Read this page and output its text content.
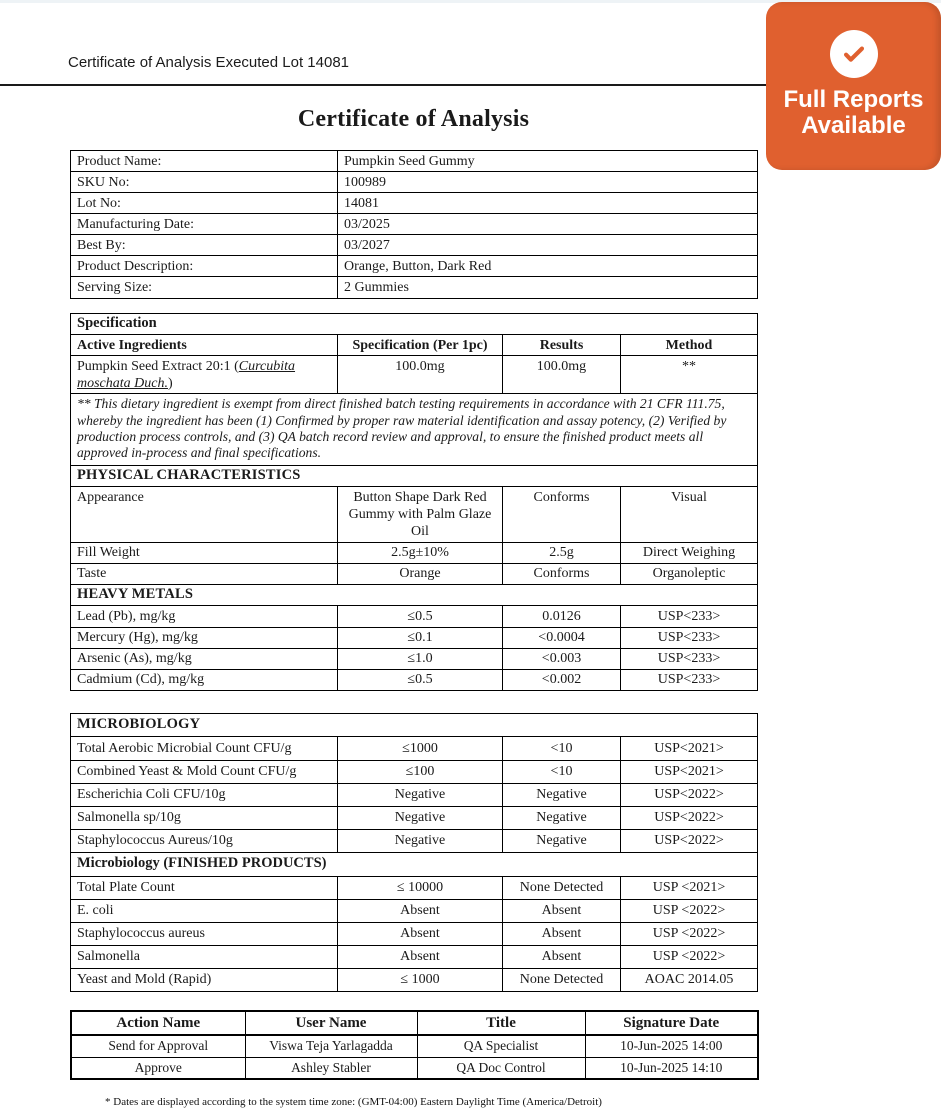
Certificate of Analysis Executed Lot 14081
Full Reports
Available
Certificate of Analysis
Product Name:	Pumpkin Seed Gummy
SKU No:	100989
Lot No:	14081
Manufacturing Date:	03/2025
Best By:	03/2027
Product Description:	Orange, Button, Dark Red
Serving Size:	2 Gummies
Specification			
Active Ingredients	Specification (Per 1pc)	Results	Method
Pumpkin Seed Extract 20:1 (Curcubita moschata Duch.)	100.0mg	100.0mg	**
** This dietary ingredient is exempt from direct finished batch testing requirements in accordance with 21 CFR 111.75, whereby the ingredient has been (1) Confirmed by proper raw material identification and assay potency, (2) Verified by production process controls, and (3) QA batch record review and approval, to ensure the finished product meets all approved in-process and final specifications.			
PHYSICAL CHARACTERISTICS			
Appearance	Button Shape Dark Red Gummy with Palm Glaze Oil	Conforms	Visual
Fill Weight	2.5g±10%	2.5g	Direct Weighing
Taste	Orange	Conforms	Organoleptic
HEAVY METALS			
Lead (Pb), mg/kg	≤0.5	0.0126	USP<233>
Mercury (Hg), mg/kg	≤0.1	<0.0004	USP<233>
Arsenic (As), mg/kg	≤1.0	<0.003	USP<233>
Cadmium (Cd), mg/kg	≤0.5	<0.002	USP<233>
MICROBIOLOGY			
Total Aerobic Microbial Count CFU/g	≤1000	<10	USP<2021>
Combined Yeast & Mold Count CFU/g	≤100	<10	USP<2021>
Escherichia Coli CFU/10g	Negative	Negative	USP<2022>
Salmonella sp/10g	Negative	Negative	USP<2022>
Staphylococcus Aureus/10g	Negative	Negative	USP<2022>
Microbiology (FINISHED PRODUCTS)			
Total Plate Count	≤ 10000	None Detected	USP <2021>
E. coli	Absent	Absent	USP <2022>
Staphylococcus aureus	Absent	Absent	USP <2022>
Salmonella	Absent	Absent	USP <2022>
Yeast and Mold (Rapid)	≤ 1000	None Detected	AOAC 2014.05
Action Name	User Name	Title	Signature Date
Send for Approval	Viswa Teja Yarlagadda	QA Specialist	10-Jun-2025 14:00
Approve	Ashley Stabler	QA Doc Control	10-Jun-2025 14:10
* Dates are displayed according to the system time zone: (GMT-04:00) Eastern Daylight Time (America/Detroit)
